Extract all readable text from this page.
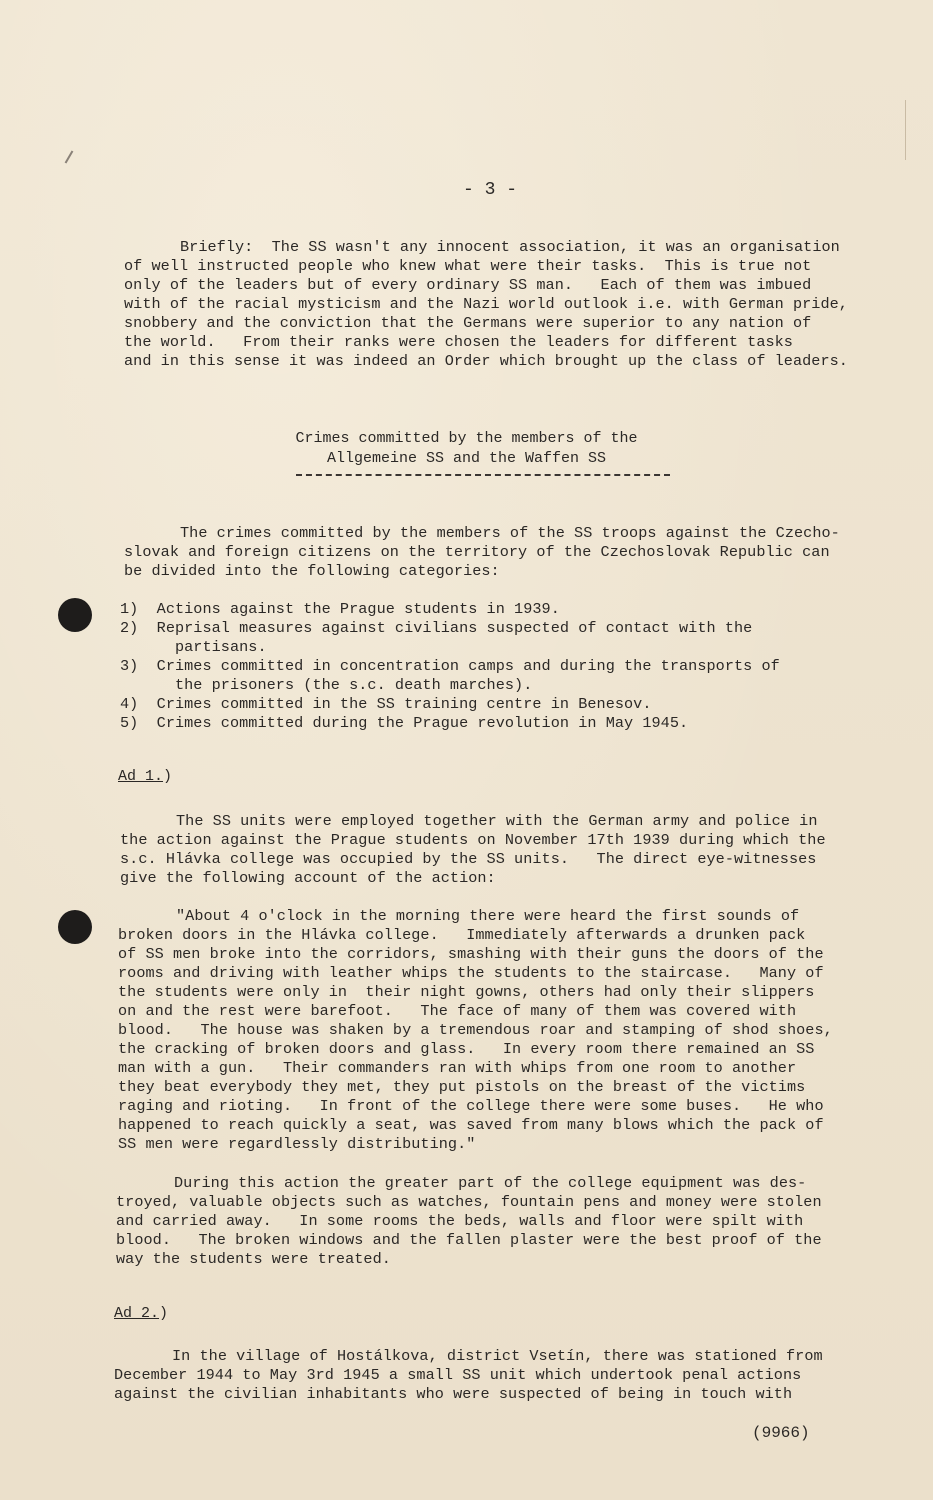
- 3 -
Briefly:  The SS wasn't any innocent association, it was an organisation
of well instructed people who knew what were their tasks.  This is true not
only of the leaders but of every ordinary SS man.   Each of them was imbued
with of the racial mysticism and the Nazi world outlook i.e. with German pride,
snobbery and the conviction that the Germans were superior to any nation of
the world.   From their ranks were chosen the leaders for different tasks
and in this sense it was indeed an Order which brought up the class of leaders.
Crimes committed by the members of the
Allgemeine SS and the Waffen SS
The crimes committed by the members of the SS troops against the Czecho-
slovak and foreign citizens on the territory of the Czechoslovak Republic can
be divided into the following categories:
1)  Actions against the Prague students in 1939.
2)  Reprisal measures against civilians suspected of contact with the
partisans.
3)  Crimes committed in concentration camps and during the transports of
the prisoners (the s.c. death marches).
4)  Crimes committed in the SS training centre in Benesov.
5)  Crimes committed during the Prague revolution in May 1945.
Ad 1.)
The SS units were employed together with the German army and police in
the action against the Prague students on November 17th 1939 during which the
s.c. Hlávka college was occupied by the SS units.   The direct eye-witnesses
give the following account of the action:
"About 4 o'clock in the morning there were heard the first sounds of
broken doors in the Hlávka college.   Immediately afterwards a drunken pack
of SS men broke into the corridors, smashing with their guns the doors of the
rooms and driving with leather whips the students to the staircase.   Many of
the students were only in  their night gowns, others had only their slippers
on and the rest were barefoot.   The face of many of them was covered with
blood.   The house was shaken by a tremendous roar and stamping of shod shoes,
the cracking of broken doors and glass.   In every room there remained an SS
man with a gun.   Their commanders ran with whips from one room to another
they beat everybody they met, they put pistols on the breast of the victims
raging and rioting.   In front of the college there were some buses.   He who
happened to reach quickly a seat, was saved from many blows which the pack of
SS men were regardlessly distributing."
During this action the greater part of the college equipment was des-
troyed, valuable objects such as watches, fountain pens and money were stolen
and carried away.   In some rooms the beds, walls and floor were spilt with
blood.   The broken windows and the fallen plaster were the best proof of the
way the students were treated.
Ad 2.)
In the village of Hostálkova, district Vsetín, there was stationed from
December 1944 to May 3rd 1945 a small SS unit which undertook penal actions
against the civilian inhabitants who were suspected of being in touch with
(9966)
